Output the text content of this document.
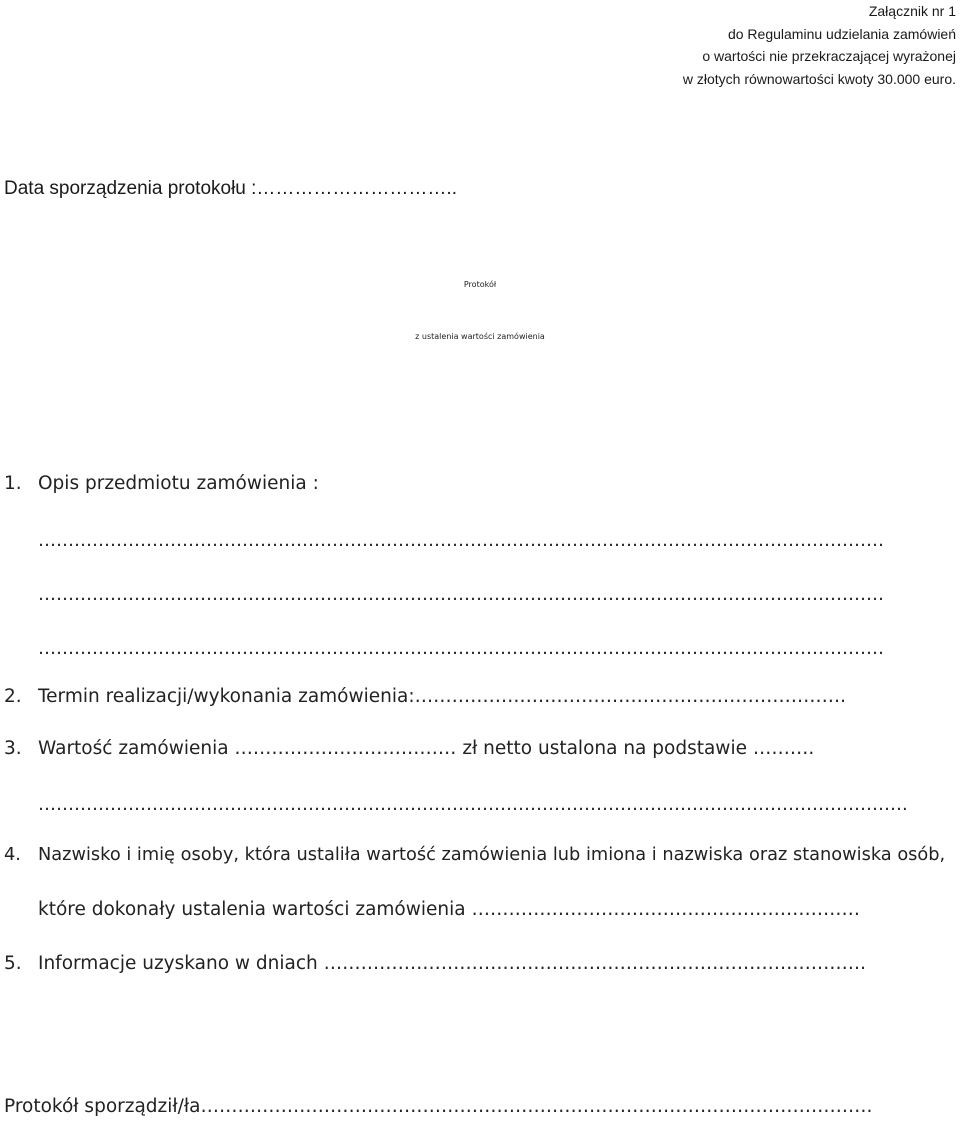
Załącznik nr 1
do Regulaminu udzielania zamówień
o wartości nie przekraczającej wyrażonej
w złotych równowartości kwoty 30.000 euro.
Data sporządzenia protokołu :…………………………..
Protokół
z ustalenia wartości zamówienia
1. Opis przedmiotu zamówienia :
……………………………………………………………………………………………………………………………
……………………………………………………………………………………………………………………………
……………………………………………………………………………………………………………………………
2. Termin realizacji/wykonania zamówienia:…………………………………………………………….
3. Wartość zamówienia ……………………………… zł netto ustalona na podstawie ……….
……………………………………………………………………………………………………………………………….
4. Nazwisko i imię osoby, która ustaliła wartość zamówienia lub imiona i nazwiska oraz stanowiska osób,
które dokonały ustalenia wartości zamówienia ………………………………………………………
5. Informacje uzyskano w dniach …………………………………………………………………………….
Protokół sporządził/ła……………………………………………………………………………………………….
